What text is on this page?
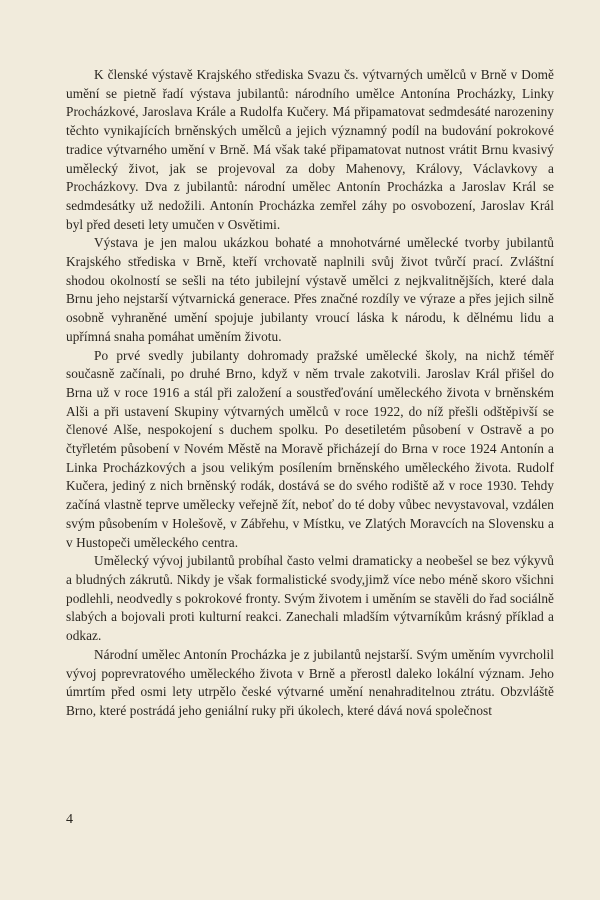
K členské výstavě Krajského střediska Svazu čs. výtvarných umělců v Brně v Domě umění se pietně řadí výstava jubilantů: národního umělce Antonína Procházky, Linky Procházkové, Jaroslava Krále a Rudolfa Kučery. Má připamatovat sedmdesáté narozeniny těchto vynikajících brněnských umělců a jejich významný podíl na budování pokrokové tradice výtvarného umění v Brně. Má však také připamatovat nutnost vrátit Brnu kvasivý umělecký život, jak se projevoval za doby Mahenovy, Královy, Václavkovy a Procházkovy. Dva z jubilantů: národní umělec Antonín Procházka a Jaroslav Král se sedmdesátky už nedožili. Antonín Procházka zemřel záhy po osvobození, Jaroslav Král byl před deseti lety umučen v Osvětimi.

Výstava je jen malou ukázkou bohaté a mnohotvárné umělecké tvorby jubilantů Krajského střediska v Brně, kteří vrchovatě naplnili svůj život tvůrčí prací. Zvláštní shodou okolností se sešli na této jubilejní výstavě umělci z nejkvalitnějších, které dala Brnu jeho nejstarší výtvarnická generace. Přes značné rozdíly ve výraze a přes jejich silně osobně vyhraněné umění spojuje jubilanty vroucí láska k národu, k dělnému lidu a upřímná snaha pomáhat uměním životu.

Po prvé svedly jubilanty dohromady pražské umělecké školy, na nichž téměř současně začínali, po druhé Brno, když v něm trvale zakotvili. Jaroslav Král přišel do Brna už v roce 1916 a stál při založení a soustřeďování uměleckého života v brněnském Alši a při ustavení Skupiny výtvarných umělců v roce 1922, do níž přešli odštěpivší se členové Alše, nespokojení s duchem spolku. Po desetiletém působení v Ostravě a po čtyřletém působení v Novém Městě na Moravě přicházejí do Brna v roce 1924 Antonín a Linka Procházkových a jsou velikým posílením brněnského uměleckého života. Rudolf Kučera, jediný z nich brněnský rodák, dostává se do svého rodiště až v roce 1930. Tehdy začíná vlastně teprve umělecky veřejně žít, neboť do té doby vůbec nevystavoval, vzdálen svým působením v Holešově, v Zábřehu, v Místku, ve Zlatých Moravcích na Slovensku a v Hustopeči uměleckého centra.

Umělecký vývoj jubilantů probíhal často velmi dramaticky a neobešel se bez výkyvů a bludných zákrutů. Nikdy je však formalistické svody,jimž více nebo méně skoro všichni podlehli, neodvedly s pokrokové fronty. Svým životem i uměním se stavěli do řad sociálně slabých a bojovali proti kulturní reakci. Zanechali mladším výtvarníkům krásný příklad a odkaz.

Národní umělec Antonín Procházka je z jubilantů nejstarší. Svým uměním vyvrcholil vývoj poprevratového uměleckého života v Brně a přerostl daleko lokální význam. Jeho úmrtím před osmi lety utrpělo české výtvarné umění nenahraditelnou ztrátu. Obzvláště Brno, které postrádá jeho geniální ruky při úkolech, které dává nová společnost

4
